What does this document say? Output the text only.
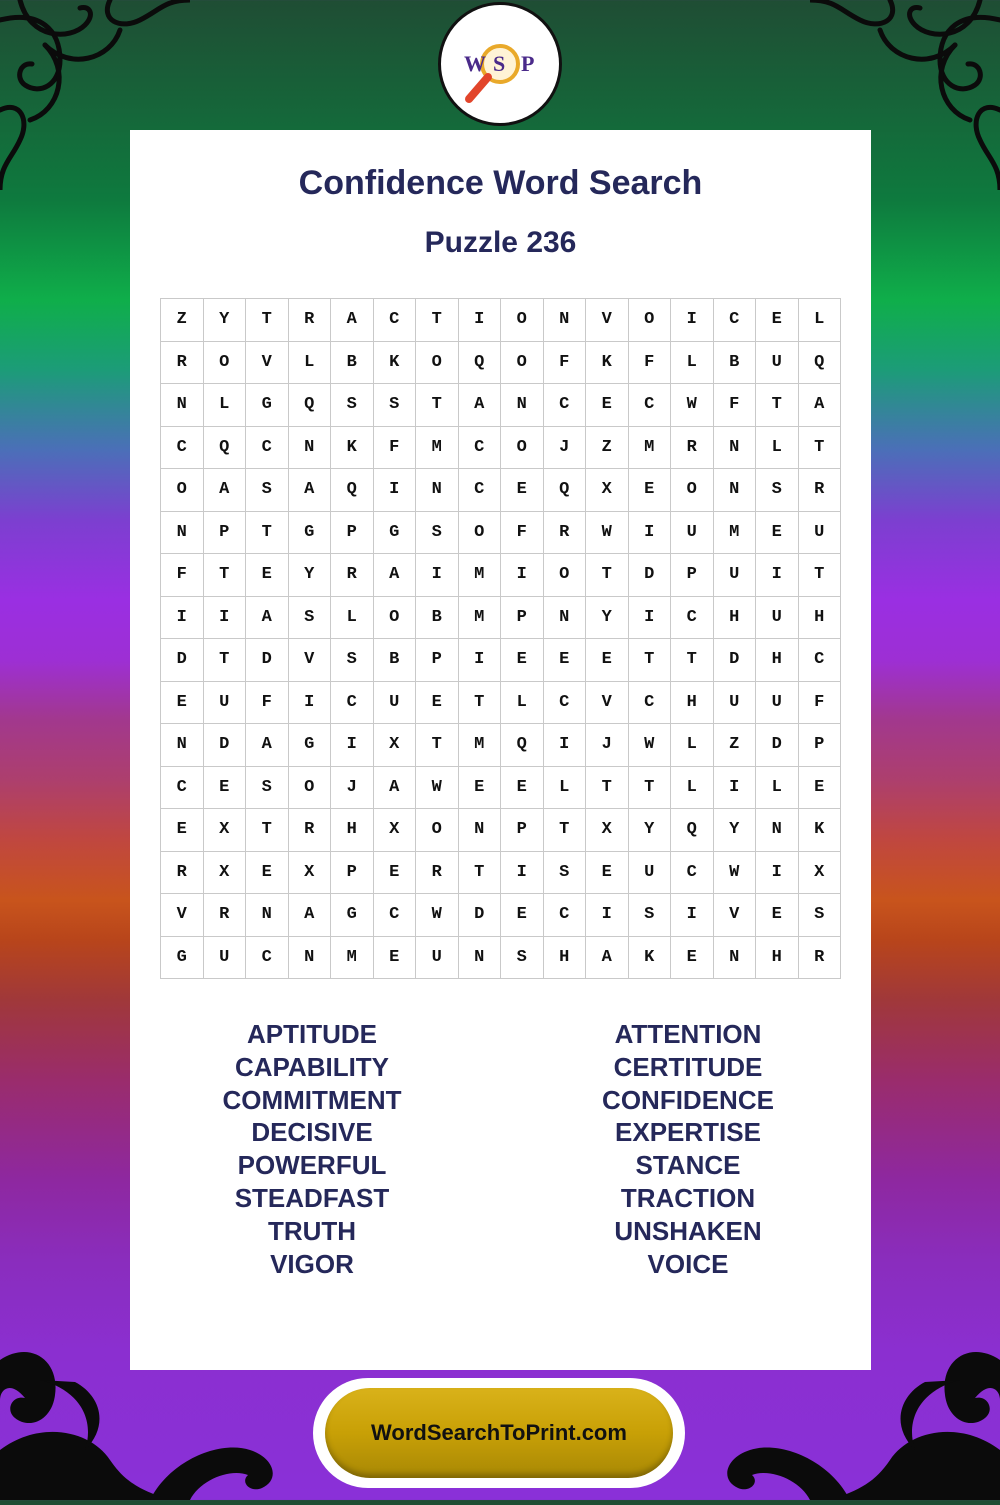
W S P
Confidence Word Search
Puzzle 236
Z	Y	T	R	A	C	T	I	O	N	V	O	I	C	E	L
R	O	V	L	B	K	O	Q	O	F	K	F	L	B	U	Q
N	L	G	Q	S	S	T	A	N	C	E	C	W	F	T	A
C	Q	C	N	K	F	M	C	O	J	Z	M	R	N	L	T
O	A	S	A	Q	I	N	C	E	Q	X	E	O	N	S	R
N	P	T	G	P	G	S	O	F	R	W	I	U	M	E	U
F	T	E	Y	R	A	I	M	I	O	T	D	P	U	I	T
I	I	A	S	L	O	B	M	P	N	Y	I	C	H	U	H
D	T	D	V	S	B	P	I	E	E	E	T	T	D	H	C
E	U	F	I	C	U	E	T	L	C	V	C	H	U	U	F
N	D	A	G	I	X	T	M	Q	I	J	W	L	Z	D	P
C	E	S	O	J	A	W	E	E	L	T	T	L	I	L	E
E	X	T	R	H	X	O	N	P	T	X	Y	Q	Y	N	K
R	X	E	X	P	E	R	T	I	S	E	U	C	W	I	X
V	R	N	A	G	C	W	D	E	C	I	S	I	V	E	S
G	U	C	N	M	E	U	N	S	H	A	K	E	N	H	R
APTITUDE
CAPABILITY
COMMITMENT
DECISIVE
POWERFUL
STEADFAST
TRUTH
VIGOR
ATTENTION
CERTITUDE
CONFIDENCE
EXPERTISE
STANCE
TRACTION
UNSHAKEN
VOICE
WordSearchToPrint.com
